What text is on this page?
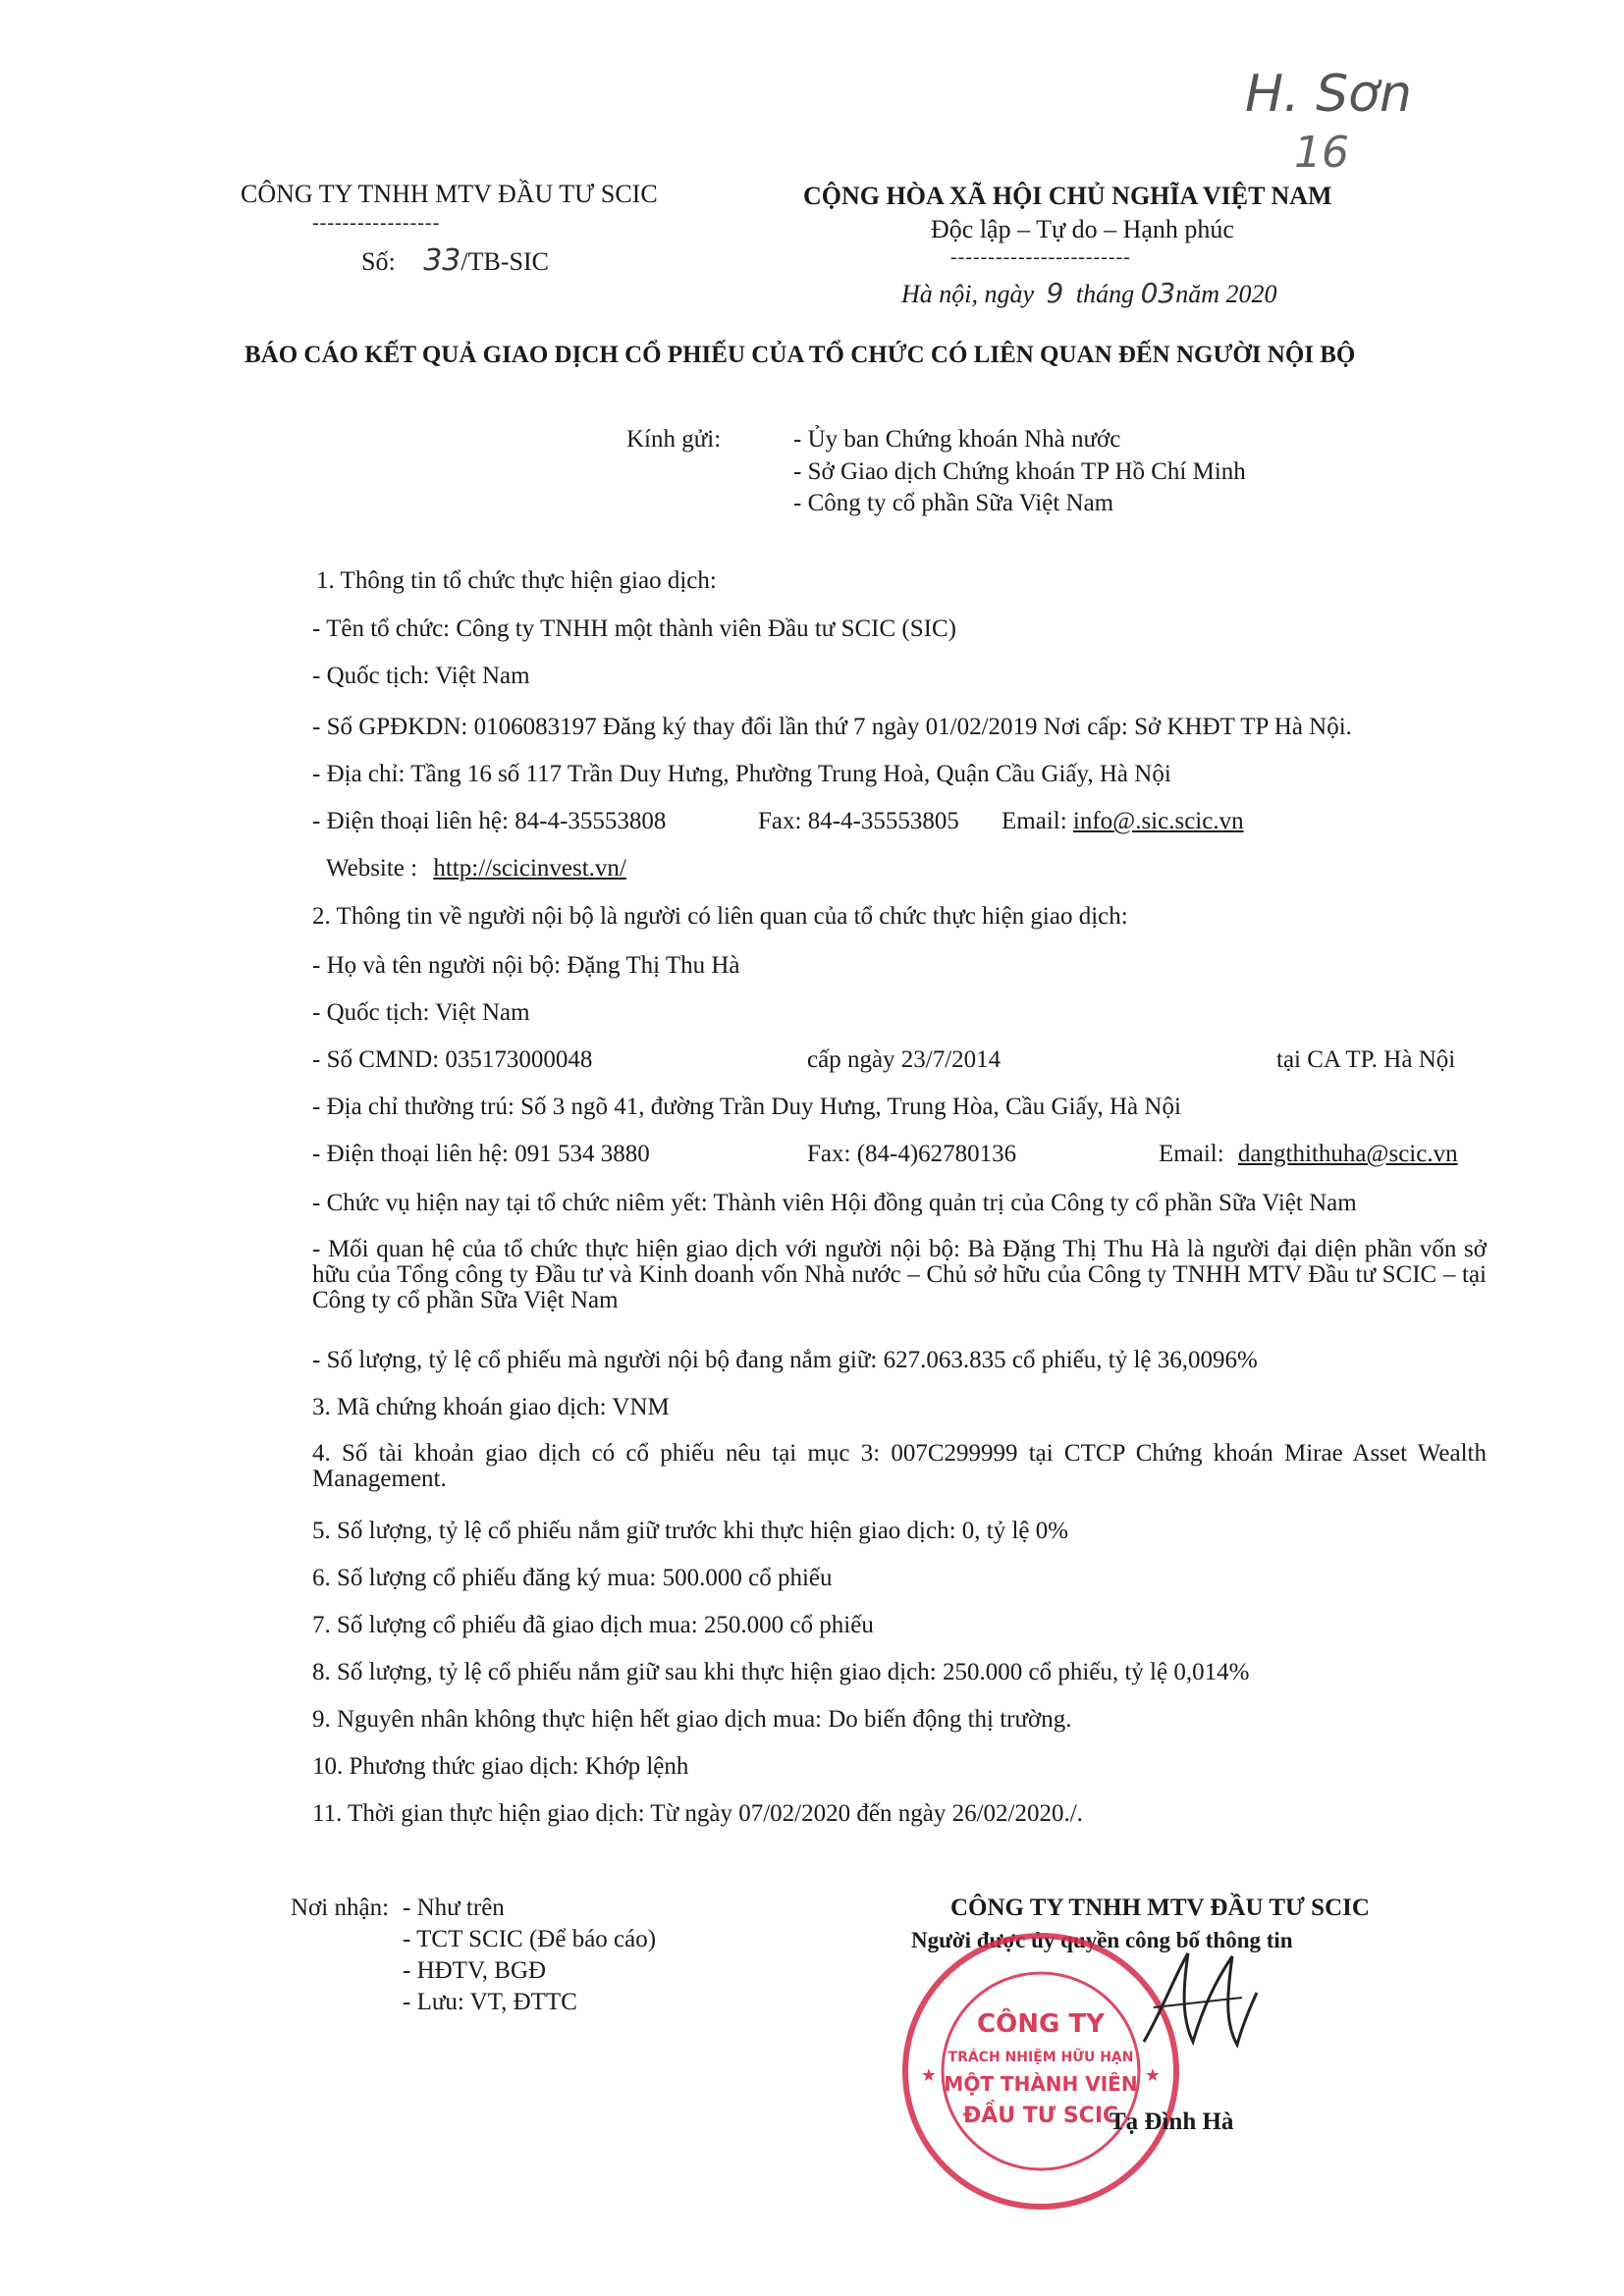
CÔNG TY TNHH MTV ĐẦU TƯ SCIC
-----------------
Số: 33/TB-SIC
CỘNG HÒA XÃ HỘI CHỦ NGHĨA VIỆT NAM
Độc lập – Tự do – Hạnh phúc
------------------------
Hà nội, ngày 9 tháng 03năm 2020
H. Sơn
16
BÁO CÁO KẾT QUẢ GIAO DỊCH CỔ PHIẾU CỦA TỔ CHỨC CÓ LIÊN QUAN ĐẾN NGƯỜI NỘI BỘ
Kính gửi:	- Ủy ban Chứng khoán Nhà nước
- Sở Giao dịch Chứng khoán TP Hồ Chí Minh
- Công ty cổ phần Sữa Việt Nam
1. Thông tin tổ chức thực hiện giao dịch:
- Tên tổ chức: Công ty TNHH một thành viên Đầu tư SCIC (SIC)
- Quốc tịch: Việt Nam
- Số GPĐKDN: 0106083197 Đăng ký thay đổi lần thứ 7 ngày 01/02/2019 Nơi cấp: Sở KHĐT TP Hà Nội.
- Địa chỉ: Tầng 16 số 117 Trần Duy Hưng, Phường Trung Hoà, Quận Cầu Giấy, Hà Nội
- Điện thoại liên hệ: 84-4-35553808	Fax: 84-4-35553805 Email: info@.sic.scic.vn
Website : http://scicinvest.vn/
2. Thông tin về người nội bộ là người có liên quan của tổ chức thực hiện giao dịch:
- Họ và tên người nội bộ: Đặng Thị Thu Hà
- Quốc tịch: Việt Nam
- Số CMND: 035173000048	cấp ngày 23/7/2014	tại CA TP. Hà Nội
- Địa chỉ thường trú: Số 3 ngõ 41, đường Trần Duy Hưng, Trung Hòa, Cầu Giấy, Hà Nội
- Điện thoại liên hệ: 091 534 3880	Fax: (84-4)62780136	Email: dangthithuha@scic.vn
- Chức vụ hiện nay tại tổ chức niêm yết: Thành viên Hội đồng quản trị của Công ty cổ phần Sữa Việt Nam
- Mối quan hệ của tổ chức thực hiện giao dịch với người nội bộ: Bà Đặng Thị Thu Hà là người đại diện phần vốn sở hữu của Tổng công ty Đầu tư và Kinh doanh vốn Nhà nước – Chủ sở hữu của Công ty TNHH MTV Đầu tư SCIC – tại Công ty cổ phần Sữa Việt Nam
- Số lượng, tỷ lệ cổ phiếu mà người nội bộ đang nắm giữ: 627.063.835 cổ phiếu, tỷ lệ 36,0096%
3. Mã chứng khoán giao dịch: VNM
4. Số tài khoản giao dịch có cổ phiếu nêu tại mục 3: 007C299999 tại CTCP Chứng khoán Mirae Asset Wealth Management.
5. Số lượng, tỷ lệ cổ phiếu nắm giữ trước khi thực hiện giao dịch: 0, tỷ lệ 0%
6. Số lượng cổ phiếu đăng ký mua: 500.000 cổ phiếu
7. Số lượng cổ phiếu đã giao dịch mua: 250.000 cổ phiếu
8. Số lượng, tỷ lệ cổ phiếu nắm giữ sau khi thực hiện giao dịch: 250.000 cổ phiếu, tỷ lệ 0,014%
9. Nguyên nhân không thực hiện hết giao dịch mua: Do biến động thị trường.
10. Phương thức giao dịch: Khớp lệnh
11. Thời gian thực hiện giao dịch: Từ ngày 07/02/2020 đến ngày 26/02/2020./.
Nơi nhận: - Như trên
- TCT SCIC (Để báo cáo)
- HĐTV, BGĐ
- Lưu: VT, ĐTTC
CÔNG TY TNHH MTV ĐẦU TƯ SCIC
Người được ủy quyền công bố thông tin
CÔNG TY
TRÁCH NHIỆM HỮU HẠN
MỘT THÀNH VIÊN
ĐẦU TƯ SCIC
★	★
Tạ Đình Hà
